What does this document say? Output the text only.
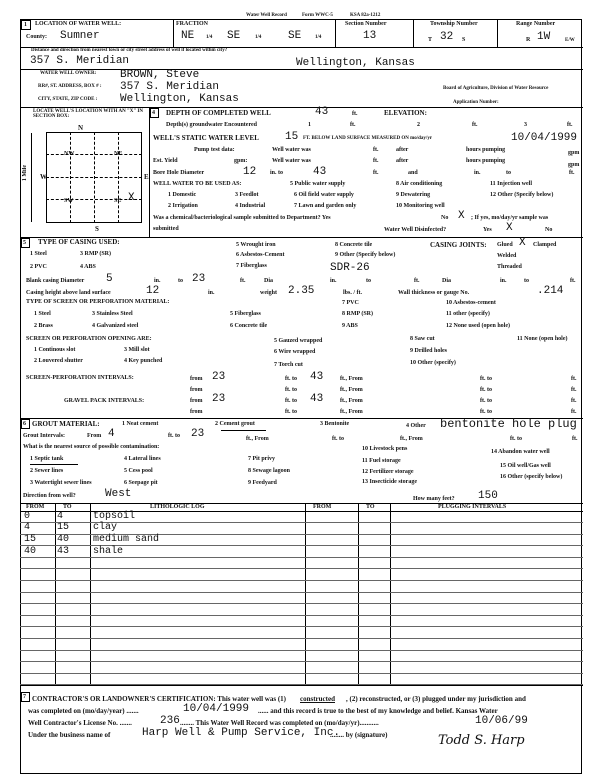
Water Well Record	Form WWC-5	KSA 82a-1212
1 LOCATION OF WATER WELL:
County: Sumner
FRACTION
NE 1/4 SE	1/4 SE	1/4
Section Number
13
Township Number
T 32 S
Range Number
R 1W	E/W
Distance and direction from nearest town or city street address of well if located within city?
357 S. Meridian	Wellington, Kansas
WATER WELL OWNER: BROWN, Steve
RR#, ST. ADDRESS, BOX # : 357 S. Meridian
CITY, STATE, ZIP CODE : Wellington, Kansas
Board of Agriculture, Division of Water Resource
Application Number:
LOCATE WELL'S LOCATION WITH AN "X" IN SECTION BOX:
N
NW	NE
SW	SE X
W	E
S
1 Mile
4 DEPTH OF COMPLETED WELL	43	ft.	ELEVATION:
Depth(s) groundwater Encountered	1	ft.	2	ft.	3	ft.
WELL'S STATIC WATER LEVEL 15 FT. BELOW LAND SURFACE MEASURED ON mo/day/yr	10/04/1999
Pump test data:	Well water was	ft.	after	hours pumping	gpm
Est. Yield	gpm:	Well water was	ft.	after	hours pumping
gpm
Bore Hole Diameter	12 in. to	43	ft.	and	in.	to	ft.
WELL WATER TO BE USED AS:
1 Domestic
2 Irrigation
3 Feedlot
4 Industrial
5 Public water supply
6 Oil field water supply
7 Lawn and garden only
8 Air conditioning
9 Dewatering
10 Monitoring well
11 Injection well
12 Other (Specify below)
Was a chemical/bacteriological sample submitted to Department? Yes	No X ; If yes, mo/day/yr sample was
submitted	Water Well Disinfected?	Yes X	No
5 TYPE OF CASING USED:
1 Steel
2 PVC
3 RMP (SR)
4 ABS
5 Wrought iron
6 Asbestos-Cement
7 Fiberglass
8 Concrete tile
9 Other (Specify below)
SDR-26
CASING JOINTS: Glued X Clamped
Welded
Threaded
Blank casing Diameter 5	in.	to 23	ft.	Dia	in.	to	ft.	Dia	in.	to	ft.
Casing height above land surface	12	in.	weight 2.35	lbs. / ft.	Wall thickness or gauge No.	.214
TYPE OF SCREEN OR PERFORATION MATERIAL:
1 Steel
2 Brass
3 Stainless Steel
4 Galvanized steel
5 Fiberglass
6 Concrete tile
7 PVC
8 RMP (SR)
9 ABS
10 Asbestos-cement
11 other (specify)
12 None used (open hole)
SCREEN OR PERFORATION OPENING ARE:
1 Continous slot
2 Louvered shutter
3 Mill slot
4 Key punched
5 Gauzed wrapped
6 Wire wrapped
7 Torch cut
8 Saw cut
9 Drilled holes
10 Other (specify)
11 None (open hole)
SCREEN-PERFORATION INTERVALS:	from 23	ft. to 43	ft., From	ft. to	ft.
from	ft. to	ft., From	ft. to	ft.
GRAVEL PACK INTERVALS:	from 23	ft. to 43	ft., From	ft. to	ft.
from	ft. to	ft., From	ft. to	ft.
6 GROUT MATERIAL:	1 Neat cement	2 Cement grout	3 Bentonite	4 Other bentonite hole plug
Grout Intervals:	From 4	ft. to 23	ft., From	ft. to	ft., From	ft. to	ft.
What is the nearest source of possible contamination:
1 Septic tank
2 Sewer lines
3 Watertight sewer lines
4 Lateral lines
5 Cess pool
6 Seepage pit
7 Pit privy
8 Sewage lagoon
9 Feedyard
10 Livestock pens
11 Fuel storage
12 Fertilizer storage
13 Insecticide storage
14 Abandon water well
15 Oil well/Gas well
16 Other (specify below)
Direction from well?	West	How many feet? 150
FROM	TO	LITHOLOGIC LOG	FROM	TO	PLUGGING INTERVALS
0	4	topsoil
4	15 clay
15 40 medium sand
40 43 shale
7 CONTRACTOR'S OR LANDOWNER'S CERTIFICATION: This water well was (1) constructed , (2) reconstructed, or (3) plugged under my jurisdiction and
was completed on (mo/day/year) .......	10/04/1999 ...... and this record is true to the best of my knowledge and belief. Kansas Water
Well Contractor's License No. .......	236 ........ This Water Well Record was completed on (mo/day/yr)...........	10/06/99
Under the business name of	Harp Well & Pump Service, Inc.
........ by (signature)	Todd S. Harp
